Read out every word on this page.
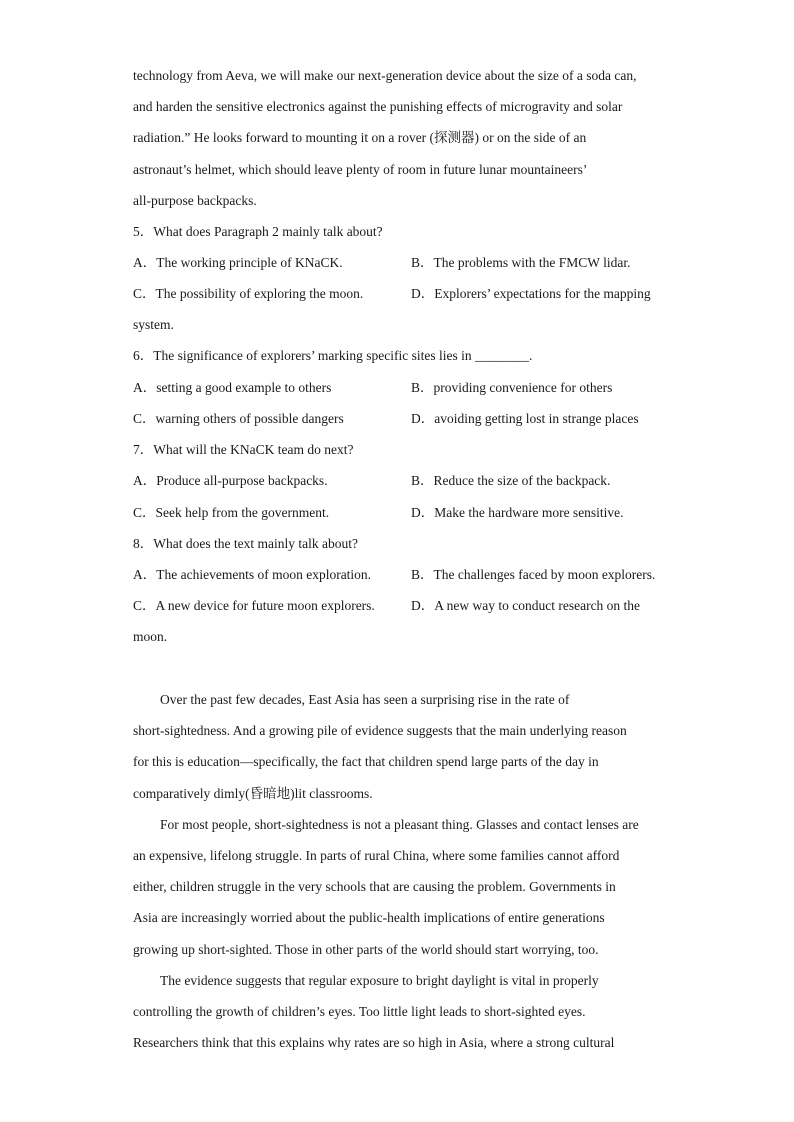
technology from Aeva, we will make our next-generation device about the size of a soda can,
and harden the sensitive electronics against the punishing effects of microgravity and solar
radiation.” He looks forward to mounting it on a rover (探测器) or on the side of an
astronaut’s helmet, which should leave plenty of room in future lunar mountaineers’
all-purpose backpacks.
5．What does Paragraph 2 mainly talk about?
A．The working principle of KNaCK.	B．The problems with the FMCW lidar.
C．The possibility of exploring the moon.	D．Explorers’ expectations for the mapping
system.
6．The significance of explorers’ marking specific sites lies in ________.
A．setting a good example to others	B．providing convenience for others
C．warning others of possible dangers	D．avoiding getting lost in strange places
7．What will the KNaCK team do next?
A．Produce all-purpose backpacks.	B．Reduce the size of the backpack.
C．Seek help from the government.	D．Make the hardware more sensitive.
8．What does the text mainly talk about?
A．The achievements of moon exploration.	B．The challenges faced by moon explorers.
C．A new device for future moon explorers.	D．A new way to conduct research on the
moon.
Over the past few decades, East Asia has seen a surprising rise in the rate of
short-sightedness. And a growing pile of evidence suggests that the main underlying reason
for this is education—specifically, the fact that children spend large parts of the day in
comparatively dimly(昏暗地)lit classrooms.
For most people, short-sightedness is not a pleasant thing. Glasses and contact lenses are
an expensive, lifelong struggle. In parts of rural China, where some families cannot afford
either, children struggle in the very schools that are causing the problem. Governments in
Asia are increasingly worried about the public-health implications of entire generations
growing up short-sighted. Those in other parts of the world should start worrying, too.
The evidence suggests that regular exposure to bright daylight is vital in properly
controlling the growth of children’s eyes. Too little light leads to short-sighted eyes.
Researchers think that this explains why rates are so high in Asia, where a strong cultural
